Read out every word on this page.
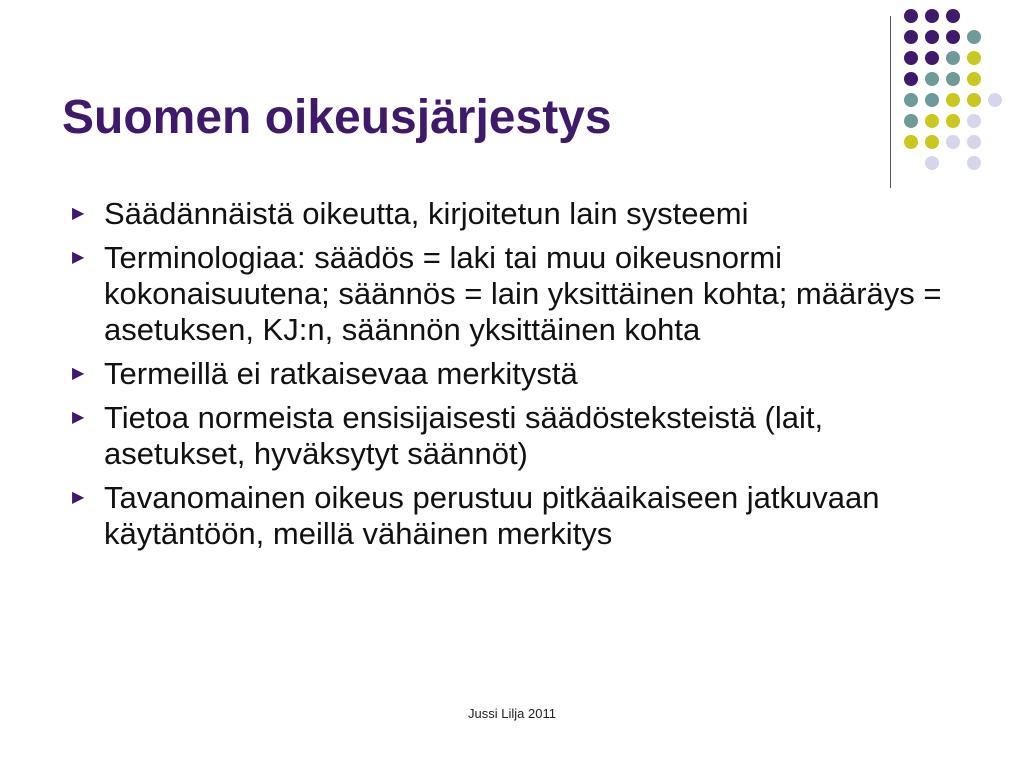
Suomen oikeusjärjestys
▶ Säädännäistä oikeutta, kirjoitetun lain systeemi
▶ Terminologiaa: säädös = laki tai muu oikeusnormi kokonaisuutena; säännös = lain yksittäinen kohta; määräys = asetuksen, KJ:n, säännön yksittäinen kohta
▶ Termeillä ei ratkaisevaa merkitystä
▶ Tietoa normeista ensisijaisesti säädösteksteistä (lait, asetukset, hyväksytyt säännöt)
▶ Tavanomainen oikeus perustuu pitkäaikaiseen jatkuvaan käytäntöön, meillä vähäinen merkitys
Jussi Lilja 2011
